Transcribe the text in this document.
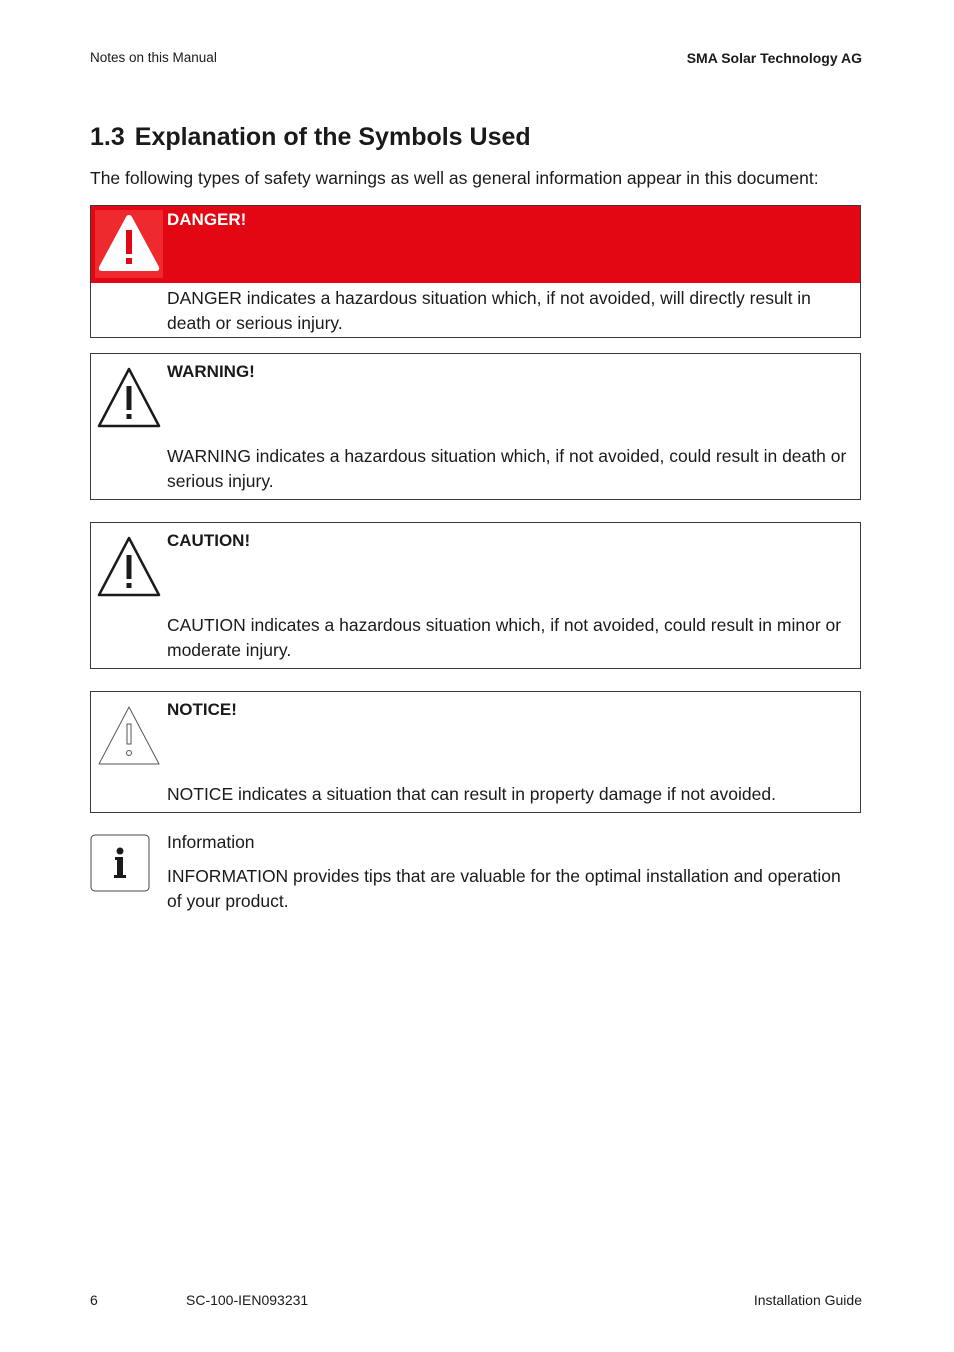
Notes on this Manual	SMA Solar Technology AG
1.3 Explanation of the Symbols Used

The following types of safety warnings as well as general information appear in this document:

DANGER!
DANGER indicates a hazardous situation which, if not avoided, will directly result in death or serious injury.
WARNING!
WARNING indicates a hazardous situation which, if not avoided, could result in death or serious injury.
CAUTION!
CAUTION indicates a hazardous situation which, if not avoided, could result in minor or moderate injury.
NOTICE!
NOTICE indicates a situation that can result in property damage if not avoided.
Information
INFORMATION provides tips that are valuable for the optimal installation and operation of your product.
6	SC-100-IEN093231	Installation Guide
